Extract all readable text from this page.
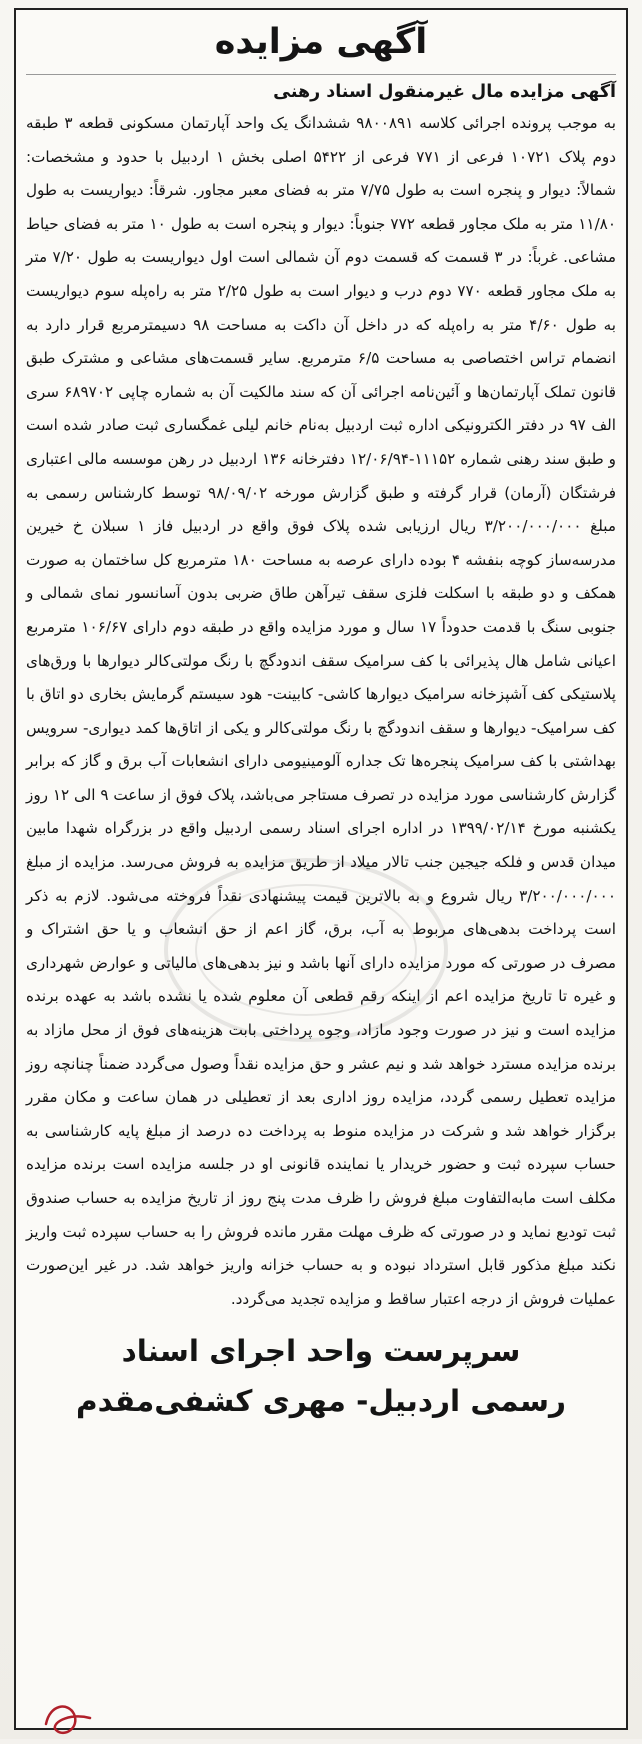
آگهی مزایده
آگهی مزایده مال غیرمنقول اسناد رهنی

به موجب پرونده اجرائی کلاسه ۹۸۰۰۸۹۱ ششدانگ یک واحد آپارتمان مسکونی قطعه ۳ طبقه دوم پلاک ۱۰۷۲۱ فرعی از ۷۷۱ فرعی از ۵۴۲۲ اصلی بخش ۱ اردبیل با حدود و مشخصات: شمالاً: دیوار و پنجره است به طول ۷/۷۵ متر به فضای معبر مجاور. شرقاً: دیواریست به طول ۱۱/۸۰ متر به ملک مجاور قطعه ۷۷۲ جنوباً: دیوار و پنجره است به طول ۱۰ متر به فضای حیاط مشاعی. غرباً: در ۳ قسمت که قسمت دوم آن شمالی است اول دیواریست به طول ۷/۲۰ متر به ملک مجاور قطعه ۷۷۰ دوم درب و دیوار است به طول ۲/۲۵ متر به راه‌پله سوم دیواریست به طول ۴/۶۰ متر به راه‌پله که در داخل آن داکت به مساحت ۹۸ دسیمترمربع قرار دارد به انضمام تراس اختصاصی به مساحت ۶/۵ مترمربع. سایر قسمت‌های مشاعی و مشترک طبق قانون تملک آپارتمان‌ها و آئین‌نامه اجرائی آن که سند مالکیت آن به شماره چاپی ۶۸۹۷۰۲ سری الف ۹۷ در دفتر الکترونیکی اداره ثبت اردبیل به‌نام خانم لیلی غمگساری ثبت صادر شده است و طبق سند رهنی شماره ۱۱۱۵۲-۱۲/۰۶/۹۴ دفترخانه ۱۳۶ اردبیل در رهن موسسه مالی اعتباری فرشتگان (آرمان) قرار گرفته و طبق گزارش مورخه ۹۸/۰۹/۰۲ توسط کارشناس رسمی به مبلغ ۳/۲۰۰/۰۰۰/۰۰۰ ریال ارزیابی شده پلاک فوق واقع در اردبیل فاز ۱ سبلان خ خیرین مدرسه‌ساز کوچه بنفشه ۴ بوده دارای عرصه به مساحت ۱۸۰ مترمربع کل ساختمان به صورت همکف و دو طبقه با اسکلت فلزی سقف تیرآهن طاق ضربی بدون آسانسور نمای شمالی و جنوبی سنگ با قدمت حدوداً ۱۷ سال و مورد مزایده واقع در طبقه دوم دارای ۱۰۶/۶۷ مترمربع اعیانی شامل هال پذیرائی با کف سرامیک سقف اندودگچ با رنگ مولتی‌کالر دیوارها با ورق‌های پلاستیکی کف آشپزخانه سرامیک دیوارها کاشی- کابینت- هود سیستم گرمایش بخاری دو اتاق با کف سرامیک- دیوارها و سقف اندودگچ با رنگ مولتی‌کالر و یکی از اتاق‌ها کمد دیواری- سرویس بهداشتی با کف سرامیک پنجره‌ها تک جداره آلومینیومی دارای انشعابات آب برق و گاز که برابر گزارش کارشناسی مورد مزایده در تصرف مستاجر می‌باشد، پلاک فوق از ساعت ۹ الی ۱۲ روز یکشنبه مورخ ۱۳۹۹/۰۲/۱۴ در اداره اجرای اسناد رسمی اردبیل واقع در بزرگراه شهدا مابین میدان قدس و فلکه جیجین جنب تالار میلاد از طریق مزایده به فروش می‌رسد. مزایده از مبلغ ۳/۲۰۰/۰۰۰/۰۰۰ ریال شروع و به بالاترین قیمت پیشنهادی نقداً فروخته می‌شود. لازم به ذکر است پرداخت بدهی‌های مربوط به آب، برق، گاز اعم از حق انشعاب و یا حق اشتراک و مصرف در صورتی که مورد مزایده دارای آنها باشد و نیز بدهی‌های مالیاتی و عوارض شهرداری و غیره تا تاریخ مزایده اعم از اینکه رقم قطعی آن معلوم شده یا نشده باشد به عهده برنده مزایده است و نیز در صورت وجود مازاد، وجوه پرداختی بابت هزینه‌های فوق از محل مازاد به برنده مزایده مسترد خواهد شد و نیم عشر و حق مزایده نقداً وصول می‌گردد ضمناً چنانچه روز مزایده تعطیل رسمی گردد، مزایده روز اداری بعد از تعطیلی در همان ساعت و مکان مقرر برگزار خواهد شد و شرکت در مزایده منوط به پرداخت ده درصد از مبلغ پایه کارشناسی به حساب سپرده ثبت و حضور خریدار یا نماینده قانونی او در جلسه مزایده است برنده مزایده مکلف است مابه‌التفاوت مبلغ فروش را ظرف مدت پنج روز از تاریخ مزایده به حساب صندوق ثبت تودیع نماید و در صورتی که ظرف مهلت مقرر مانده فروش را به حساب سپرده ثبت واریز نکند مبلغ مذکور قابل استرداد نبوده و به حساب خزانه واریز خواهد شد. در غیر این‌صورت عملیات فروش از درجه اعتبار ساقط و مزایده تجدید می‌گردد.

سرپرست واحد اجرای اسناد
رسمی اردبیل- مهری کشفی‌مقدم
